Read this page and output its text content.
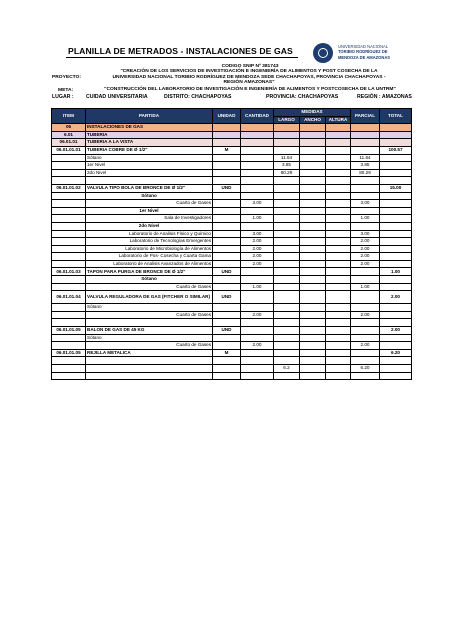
PLANILLA DE METRADOS - INSTALACIONES DE GAS	UNIVERSIDAD NACIONAL
TORIBIO RODRÍGUEZ DE
MENDOZA DE AMAZONAS
CODIGO SNIP Nº 381743
PROYECTO:
"CREACIÓN DE LOS SERVICIOS DE INVESTIGACIÓN E INGENIERÍA DE ALIMENTOS Y POST COSECHA DE LA
UNIVERSIDAD NACIONAL TORIBIO RODRÍGUEZ DE MENDOZA SEDE CHACHAPOYAS, PROVINCIA CHACHAPOYAS -
REGIÓN AMAZONAS"
META:	"CONSTRUCCIÓN DEL LABORATORIO DE INVESTIGACIÓN E INGENIERÍA DE ALIMENTOS Y POSTCOSECHA DE LA UNTRM"
LUGAR : CUIDAD UNIVERSITARIA	DISTRITO: CHACHAPOYAS	PROVINCIA: CHACHAPOYAS	REGIÓN : AMAZONAS
ITEM	PARTIDA	UNIDAD	CANTIDAD	MEDIDAS			PARCIAL	TOTAL
				LARGO	ANCHO	ALTURA		
06	INSTALACIONES DE GAS							
6.01	TUBERIA							
06.01.01	TUBERIA A LA VISTA							
06.01.01.01	TUBERIA COBRE DE Ø 1/2"	M						100.57
	Sótano			11.64			11.64	
	1er Nivel			3.85			3.85	
	2do Nivel			80.29			80.29	

06.01.01.02	VALVULA TIPO BOLA DE BRONCE DE Ø 1/2"	UND						15.00
	Sótano							
	Cuarto de Gases		3.00				3.00	
	1er Nivel							
	Sala de Investigadores		1.00				1.00	
	2do Nivel							
	Laboratorio de Analisis Físico y Químico		3.00				3.00	
	Laboratorio de Tecnologías Emergentes		2.00				2.00	
	Laboratorio de Microbiología de Alimentos		2.00				2.00	
	Laboratorio de Pos- Cosecha y Cuarta Gama		2.00				2.00	
	Laboratorio de Analisis Avanzados de Alimentos		2.00				2.00	
06.01.01.03	TAPON PARA PURGA DE BRONCE DE Ø 1/2"	UND						1.00
	Sótano							
	Cuarto de Gases		1.00				1.00	
06.01.01.04	VALVULA REGULADORA DE GAS (FITCHER O SIMILAR)	UND						2.00
	Sótano							
	Cuarto de Gases		2.00				2.00	

06.01.01.05	BALON DE GAS DE 45 KG	UND						2.00
	Sótano							
	Cuarto de Gases		2.00				2.00	
06.01.01.05	REJILLA METALICA	M						6.20

				6.2			6.20	
